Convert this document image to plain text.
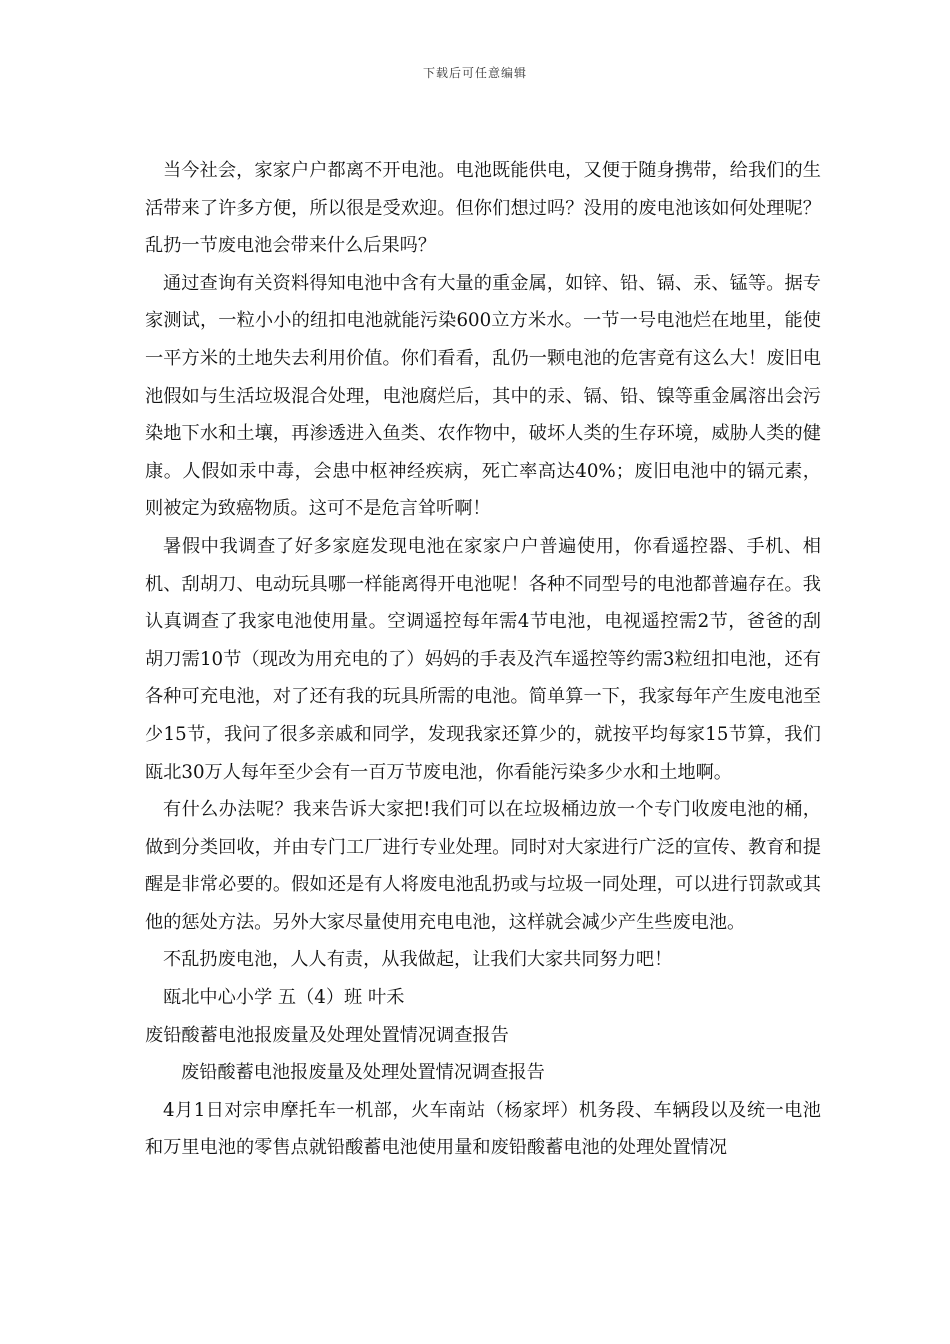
下载后可任意编辑

当今社会，家家户户都离不开电池。电池既能供电，又便于随身携带，给我们的生活带来了许多方便，所以很是受欢迎。但你们想过吗？没用的废电池该如何处理呢？乱扔一节废电池会带来什么后果吗？

通过查询有关资料得知电池中含有大量的重金属，如锌、铅、镉、汞、锰等。据专家测试，一粒小小的纽扣电池就能污染600立方米水。一节一号电池烂在地里，能使一平方米的土地失去利用价值。你们看看，乱仍一颗电池的危害竟有这么大！废旧电池假如与生活垃圾混合处理，电池腐烂后，其中的汞、镉、铅、镍等重金属溶出会污染地下水和土壤，再渗透进入鱼类、农作物中，破坏人类的生存环境，威胁人类的健康。人假如汞中毒，会患中枢神经疾病，死亡率高达40%；废旧电池中的镉元素，则被定为致癌物质。这可不是危言耸听啊！

暑假中我调查了好多家庭发现电池在家家户户普遍使用，你看遥控器、手机、相机、刮胡刀、电动玩具哪一样能离得开电池呢！各种不同型号的电池都普遍存在。我认真调查了我家电池使用量。空调遥控每年需4节电池，电视遥控需2节，爸爸的刮胡刀需10节（现改为用充电的了）妈妈的手表及汽车遥控等约需3粒纽扣电池，还有各种可充电池，对了还有我的玩具所需的电池。简单算一下，我家每年产生废电池至少15节，我问了很多亲戚和同学，发现我家还算少的，就按平均每家15节算，我们瓯北30万人每年至少会有一百万节废电池，你看能污染多少水和土地啊。

有什么办法呢？我来告诉大家把!我们可以在垃圾桶边放一个专门收废电池的桶，做到分类回收，并由专门工厂进行专业处理。同时对大家进行广泛的宣传、教育和提醒是非常必要的。假如还是有人将废电池乱扔或与垃圾一同处理，可以进行罚款或其他的惩处方法。另外大家尽量使用充电电池，这样就会减少产生些废电池。

不乱扔废电池，人人有责，从我做起，让我们大家共同努力吧！

瓯北中心小学 五（4）班 叶禾

废铅酸蓄电池报废量及处理处置情况调查报告

废铅酸蓄电池报废量及处理处置情况调查报告

4月1日对宗申摩托车一机部，火车南站（杨家坪）机务段、车辆段以及统一电池和万里电池的零售点就铅酸蓄电池使用量和废铅酸蓄电池的处理处置情况
